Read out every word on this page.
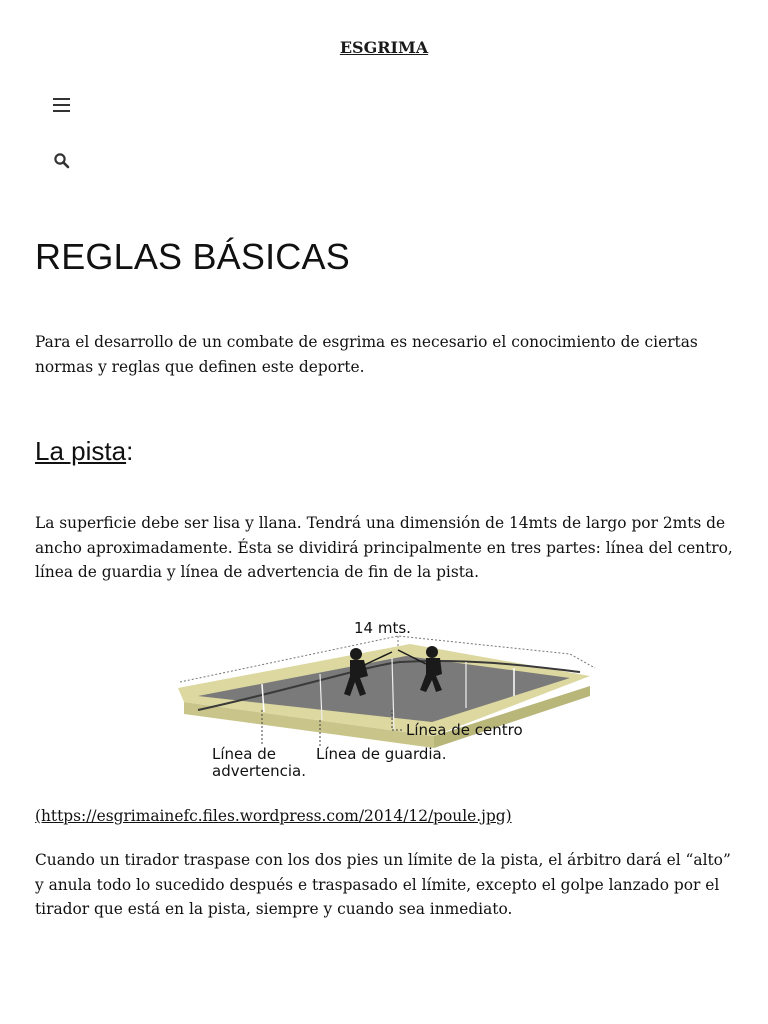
ESGRIMA
REGLAS BÁSICAS

Para el desarrollo de un combate de esgrima es necesario el conocimiento de ciertas normas y reglas que definen este deporte.

La pista:

La superficie debe ser lisa y llana. Tendrá una dimensión de 14mts de largo por 2mts de ancho aproximadamente. Ésta se dividirá principalmente en tres partes: línea del centro, línea de guardia y línea de advertencia de fin de la pista.

14 mts.
Línea de centro
Línea de guardia.
Línea de
advertencia.
(https://esgrimainefc.files.wordpress.com/2014/12/poule.jpg)

Cuando un tirador traspase con los dos pies un límite de la pista, el árbitro dará el “alto” y anula todo lo sucedido después e traspasado el límite, excepto el golpe lanzado por el tirador que está en la pista, siempre y cuando sea inmediato.
